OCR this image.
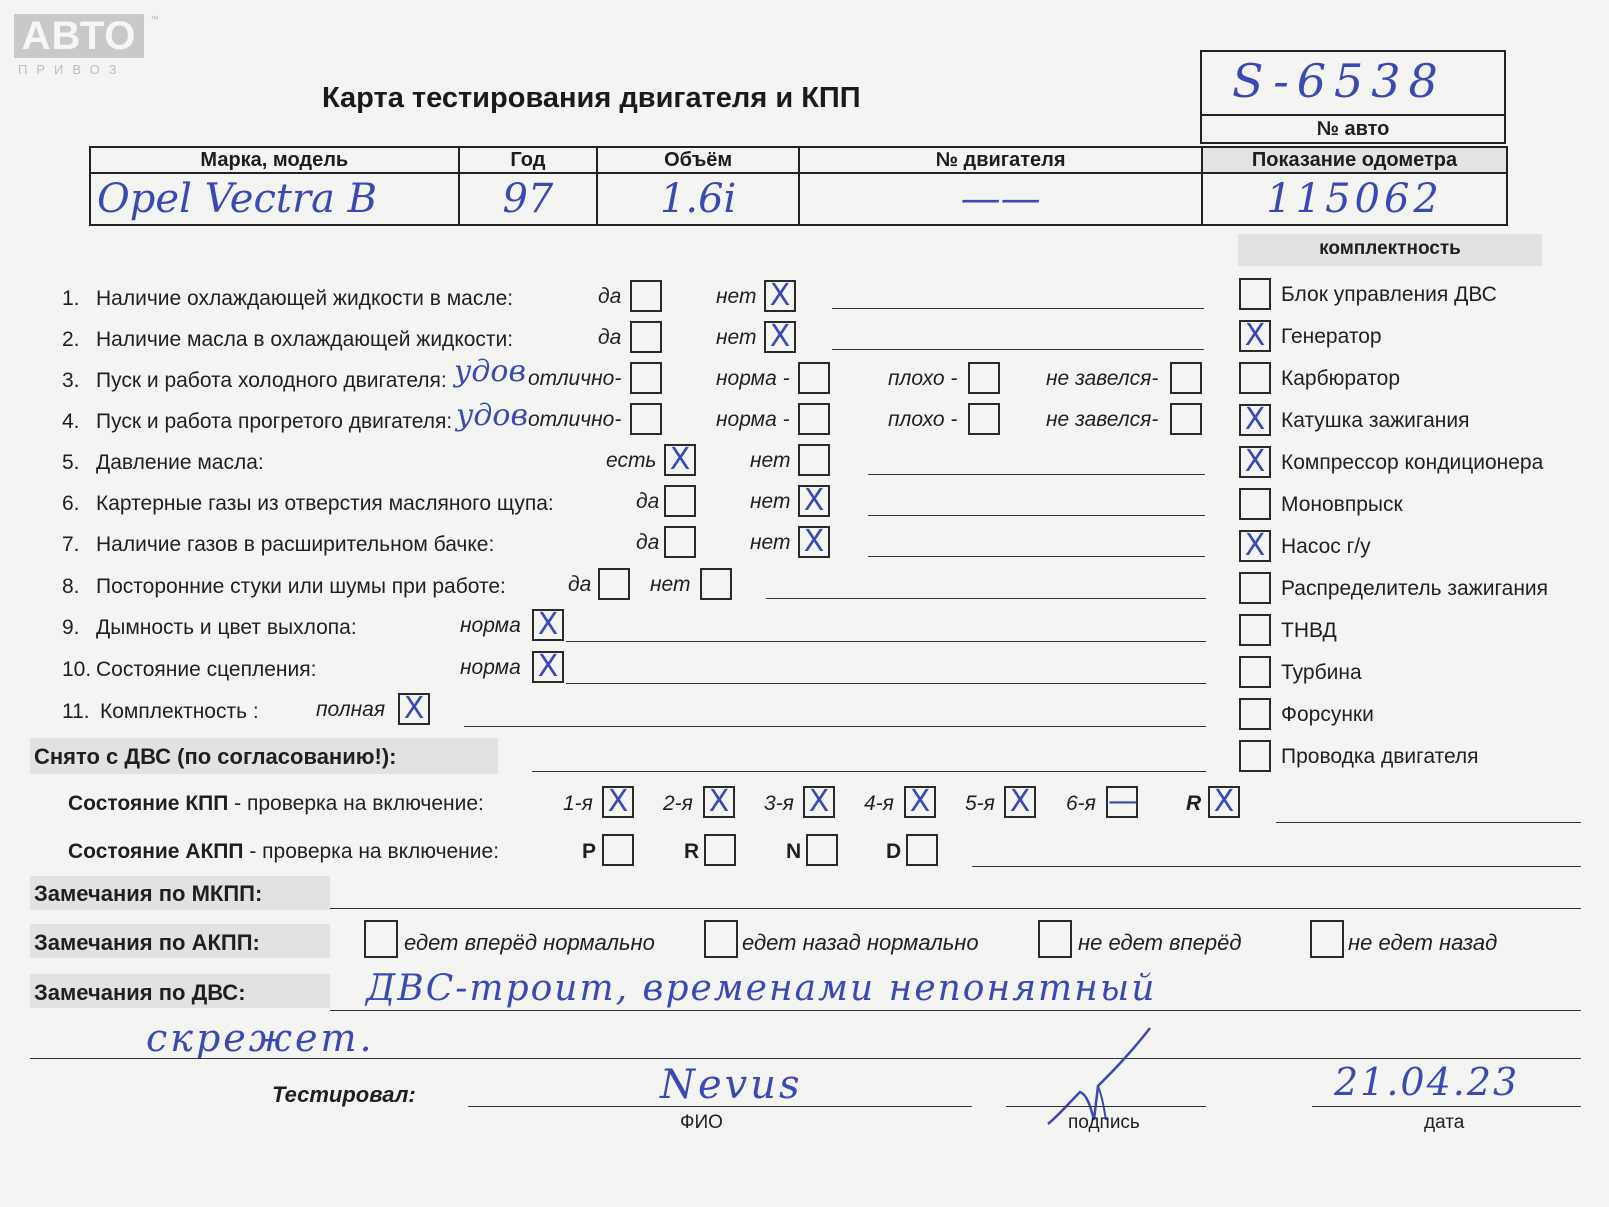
АВТО
ПРИВОЗ
™
Карта тестирования двигателя и КПП	S-6538
№ авто
Марка, модель	Год	Объём	№ двигателя	Показание одометра
Opel Vectra B	97	1.6i	——	115062
комплектность
Блок управления ДВС
X Генератор
Карбюратор
X Катушка зажигания
X Компрессор кондиционера
Моновпрыск
X Насос г/у
Распределитель зажигания
ТНВД
Турбина
Форсунки
Проводка двигателя
1. Наличие охлаждающей жидкости в масле:	да	нет X
2. Наличие масла в охлаждающей жидкости:	да	нет X
3. Пуск и работа холодного двигателя: удов отлично-	норма -	плохо -	не завелся-
4. Пуск и работа прогретого двигателя: удов отлично-	норма -	плохо -	не завелся-
5. Давление масла:	есть X	нет
6. Картерные газы из отверстия масляного щупа:	да	нет X
7. Наличие газов в расширительном бачке:	да	нет X
8. Посторонние стуки или шумы при работе:	да	нет
9. Дымность и цвет выхлопа:	норма X
10. Состояние сцепления:	норма X
11. Комплектность :	полная X
Снято с ДВС (по согласованию!):
Состояние КПП - проверка на включение:	1-я X 2-я X 3-я X 4-я X 5-я X 6-я — R X
Состояние АКПП - проверка на включение:	P	R	N	D
Замечания по МКПП:
Замечания по АКПП:	едет вперёд нормально	едет назад нормально	не едет вперёд	не едет назад
Замечания по ДВС:	ДВС-троит, временами непонятный
скрежет.
Тестировал:	Nevus
ФИО	подпись
21.04.23
дата
